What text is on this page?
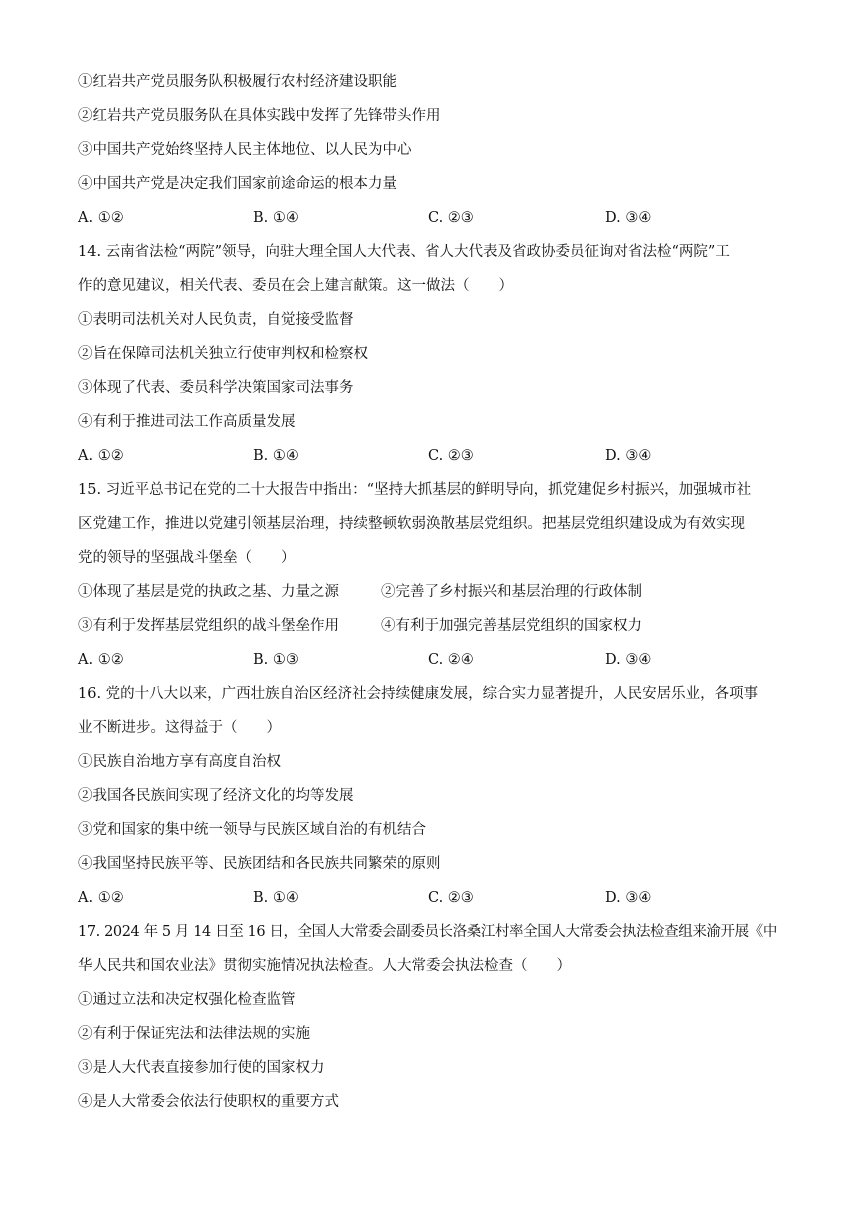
①红岩共产党员服务队积极履行农村经济建设职能
②红岩共产党员服务队在具体实践中发挥了先锋带头作用
③中国共产党始终坚持人民主体地位、以人民为中心
④中国共产党是决定我们国家前途命运的根本力量
A. ①②	B. ①④	C. ②③	D. ③④
14. 云南省法检“两院”领导，向驻大理全国人大代表、省人大代表及省政协委员征询对省法检“两院”工
作的意见建议，相关代表、委员在会上建言献策。这一做法（　　）
①表明司法机关对人民负责，自觉接受监督
②旨在保障司法机关独立行使审判权和检察权
③体现了代表、委员科学决策国家司法事务
④有利于推进司法工作高质量发展
A. ①②	B. ①④	C. ②③	D. ③④
15. 习近平总书记在党的二十大报告中指出：“坚持大抓基层的鲜明导向，抓党建促乡村振兴，加强城市社
区党建工作，推进以党建引领基层治理，持续整顿软弱涣散基层党组织。把基层党组织建设成为有效实现
党的领导的坚强战斗堡垒（　　）
①体现了基层是党的执政之基、力量之源	②完善了乡村振兴和基层治理的行政体制
③有利于发挥基层党组织的战斗堡垒作用	④有利于加强完善基层党组织的国家权力
A. ①②	B. ①③	C. ②④	D. ③④
16. 党的十八大以来，广西壮族自治区经济社会持续健康发展，综合实力显著提升，人民安居乐业，各项事
业不断进步。这得益于（　　）
①民族自治地方享有高度自治权
②我国各民族间实现了经济文化的均等发展
③党和国家的集中统一领导与民族区域自治的有机结合
④我国坚持民族平等、民族团结和各民族共同繁荣的原则
A. ①②	B. ①④	C. ②③	D. ③④
17. 2024 年 5 月 14 日至 16 日，全国人大常委会副委员长洛桑江村率全国人大常委会执法检查组来渝开展《中
华人民共和国农业法》贯彻实施情况执法检查。人大常委会执法检查（　　）
①通过立法和决定权强化检查监管
②有利于保证宪法和法律法规的实施
③是人大代表直接参加行使的国家权力
④是人大常委会依法行使职权的重要方式
